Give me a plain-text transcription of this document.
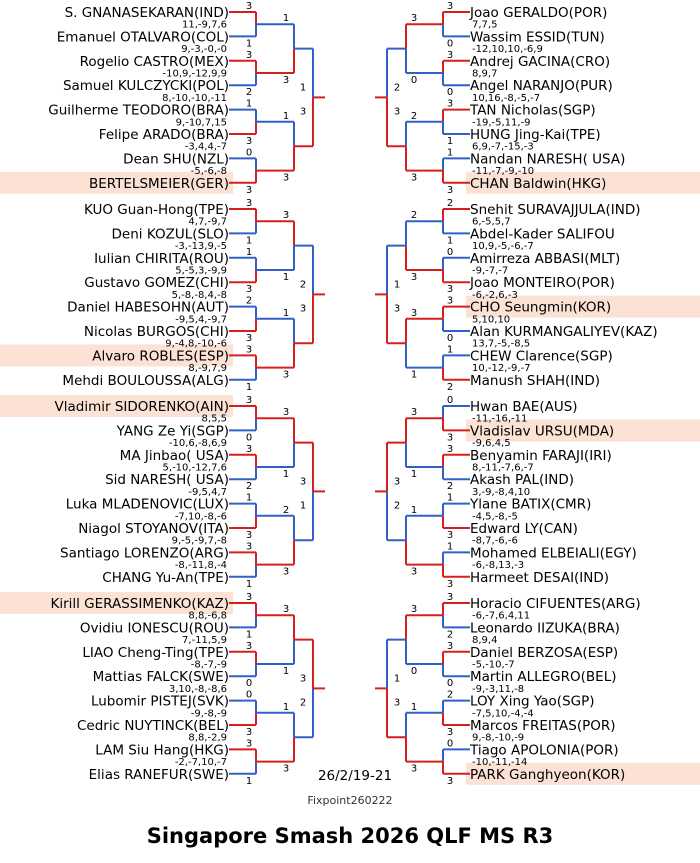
S. GNANASEKARAN(IND)
Emanuel OTALVARO(COL)
Rogelio CASTRO(MEX)
Samuel KULCZYCKI(POL)
Guilherme TEODORO(BRA)
Felipe ARADO(BRA)
Dean SHU(NZL)
BERTELSMEIER(GER)
11,-9,7,6
9,-3,-0,-0
-10,9,-12,9,9
8,-10,-10,-11
9,-10,7,15
-3,4,4,-7
-5,-6,-8
3
1
3
2
1
3
0
3
1
3
1
3
1
3
KUO Guan-Hong(TPE)
Deni KOZUL(SLO)
Iulian CHIRITA(ROU)
Gustavo GOMEZ(CHI)
Daniel HABESOHN(AUT)
Nicolas BURGOS(CHI)
Alvaro ROBLES(ESP)
Mehdi BOULOUSSA(ALG)
4,7,-9,7
-3,-13,9,-5
5,-5,3,-9,9
5,-8,-8,4,-8
-9,5,4,-9,7
9,-4,8,-10,-6
8,-9,7,9
3
1
1
3
2
3
3
1
3
1
1
3
2
3
Vladimir SIDORENKO(AIN)
YANG Ze Yi(SGP)
MA Jinbao( USA)
Sid NARESH( USA)
Luka MLADENOVIC(LUX)
Niagol STOYANOV(ITA)
Santiago LORENZO(ARG)
CHANG Yu-An(TPE)
8,5,5
-10,6,-8,6,9
5,-10,-12,7,6
-9,5,4,7
-7,10,-8,-6
9,-5,-9,7,-8
-8,-11,8,-4
3
0
3
2
1
3
3
1
3
1
2
3
3
1
Kirill GERASSIMENKO(KAZ)
Ovidiu IONESCU(ROU)
LIAO Cheng-Ting(TPE)
Mattias FALCK(SWE)
Lubomir PISTEJ(SVK)
Cedric NUYTINCK(BEL)
LAM Siu Hang(HKG)
Elias RANEFUR(SWE)
8,8,-6,8
7,-11,5,9
-8,-7,-9
3,10,-8,-8,6
-9,-8,-9
8,8,-2,9
-2,-7,10,-7
3
1
3
0
0
3
3
1
3
1
1
3
3
2
Joao GERALDO(POR)
Wassim ESSID(TUN)
Andrej GACINA(CRO)
Angel NARANJO(PUR)
TAN Nicholas(SGP)
HUNG Jing-Kai(TPE)
Nandan NARESH( USA)
CHAN Baldwin(HKG)
7,7,5
-12,10,10,-6,9
8,9,7
10,16,-8,-5,-7
-19,-5,11,-9
6,9,-7,-15,-3
-11,-7,-9,-10
3
0
3
0
3
1
1
3
3
0
2
3
2
3
Snehit SURAVAJJULA(IND)
Abdel-Kader SALIFOU
Amirreza ABBASI(MLT)
Joao MONTEIRO(POR)
CHO Seungmin(KOR)
Alan KURMANGALIYEV(KAZ)
CHEW Clarence(SGP)
Manush SHAH(IND)
6,-5,5,7
10,9,-5,-6,-7
-9,-7,-7
-6,-2,6,-3
5,10,10
13,7,-5,-8,5
10,-12,-9,-7
2
1
0
3
3
0
1
2
2
3
3
1
1
3
Hwan BAE(AUS)
Vladislav URSU(MDA)
Benyamin FARAJI(IRI)
Akash PAL(IND)
Ylane BATIX(CMR)
Edward LY(CAN)
Mohamed ELBEIALI(EGY)
Harmeet DESAI(IND)
-11,-16,-11
-9,6,4,5
8,-11,-7,6,-7
3,-9,-8,4,10
-4,5,-8,-5
-8,7,-6,-6
-6,-8,13,-3
0
3
3
2
1
3
1
3
3
1
1
3
3
2
Horacio CIFUENTES(ARG)
Leonardo IIZUKA(BRA)
Daniel BERZOSA(ESP)
Martin ALLEGRO(BEL)
LOY Xing Yao(SGP)
Marcos FREITAS(POR)
Tiago APOLONIA(POR)
PARK Ganghyeon(KOR)
-6,-7,6,4,11
8,9,4
-5,-10,-7
-9,-3,11,-8
-7,5,10,-4,-4
9,-8,-10,-9
-10,-11,-14
3
2
3
0
2
3
0
3
3
0
1
3
1
3
26/2/19-21
Fixpoint260222
Singapore Smash 2026 QLF MS R3
